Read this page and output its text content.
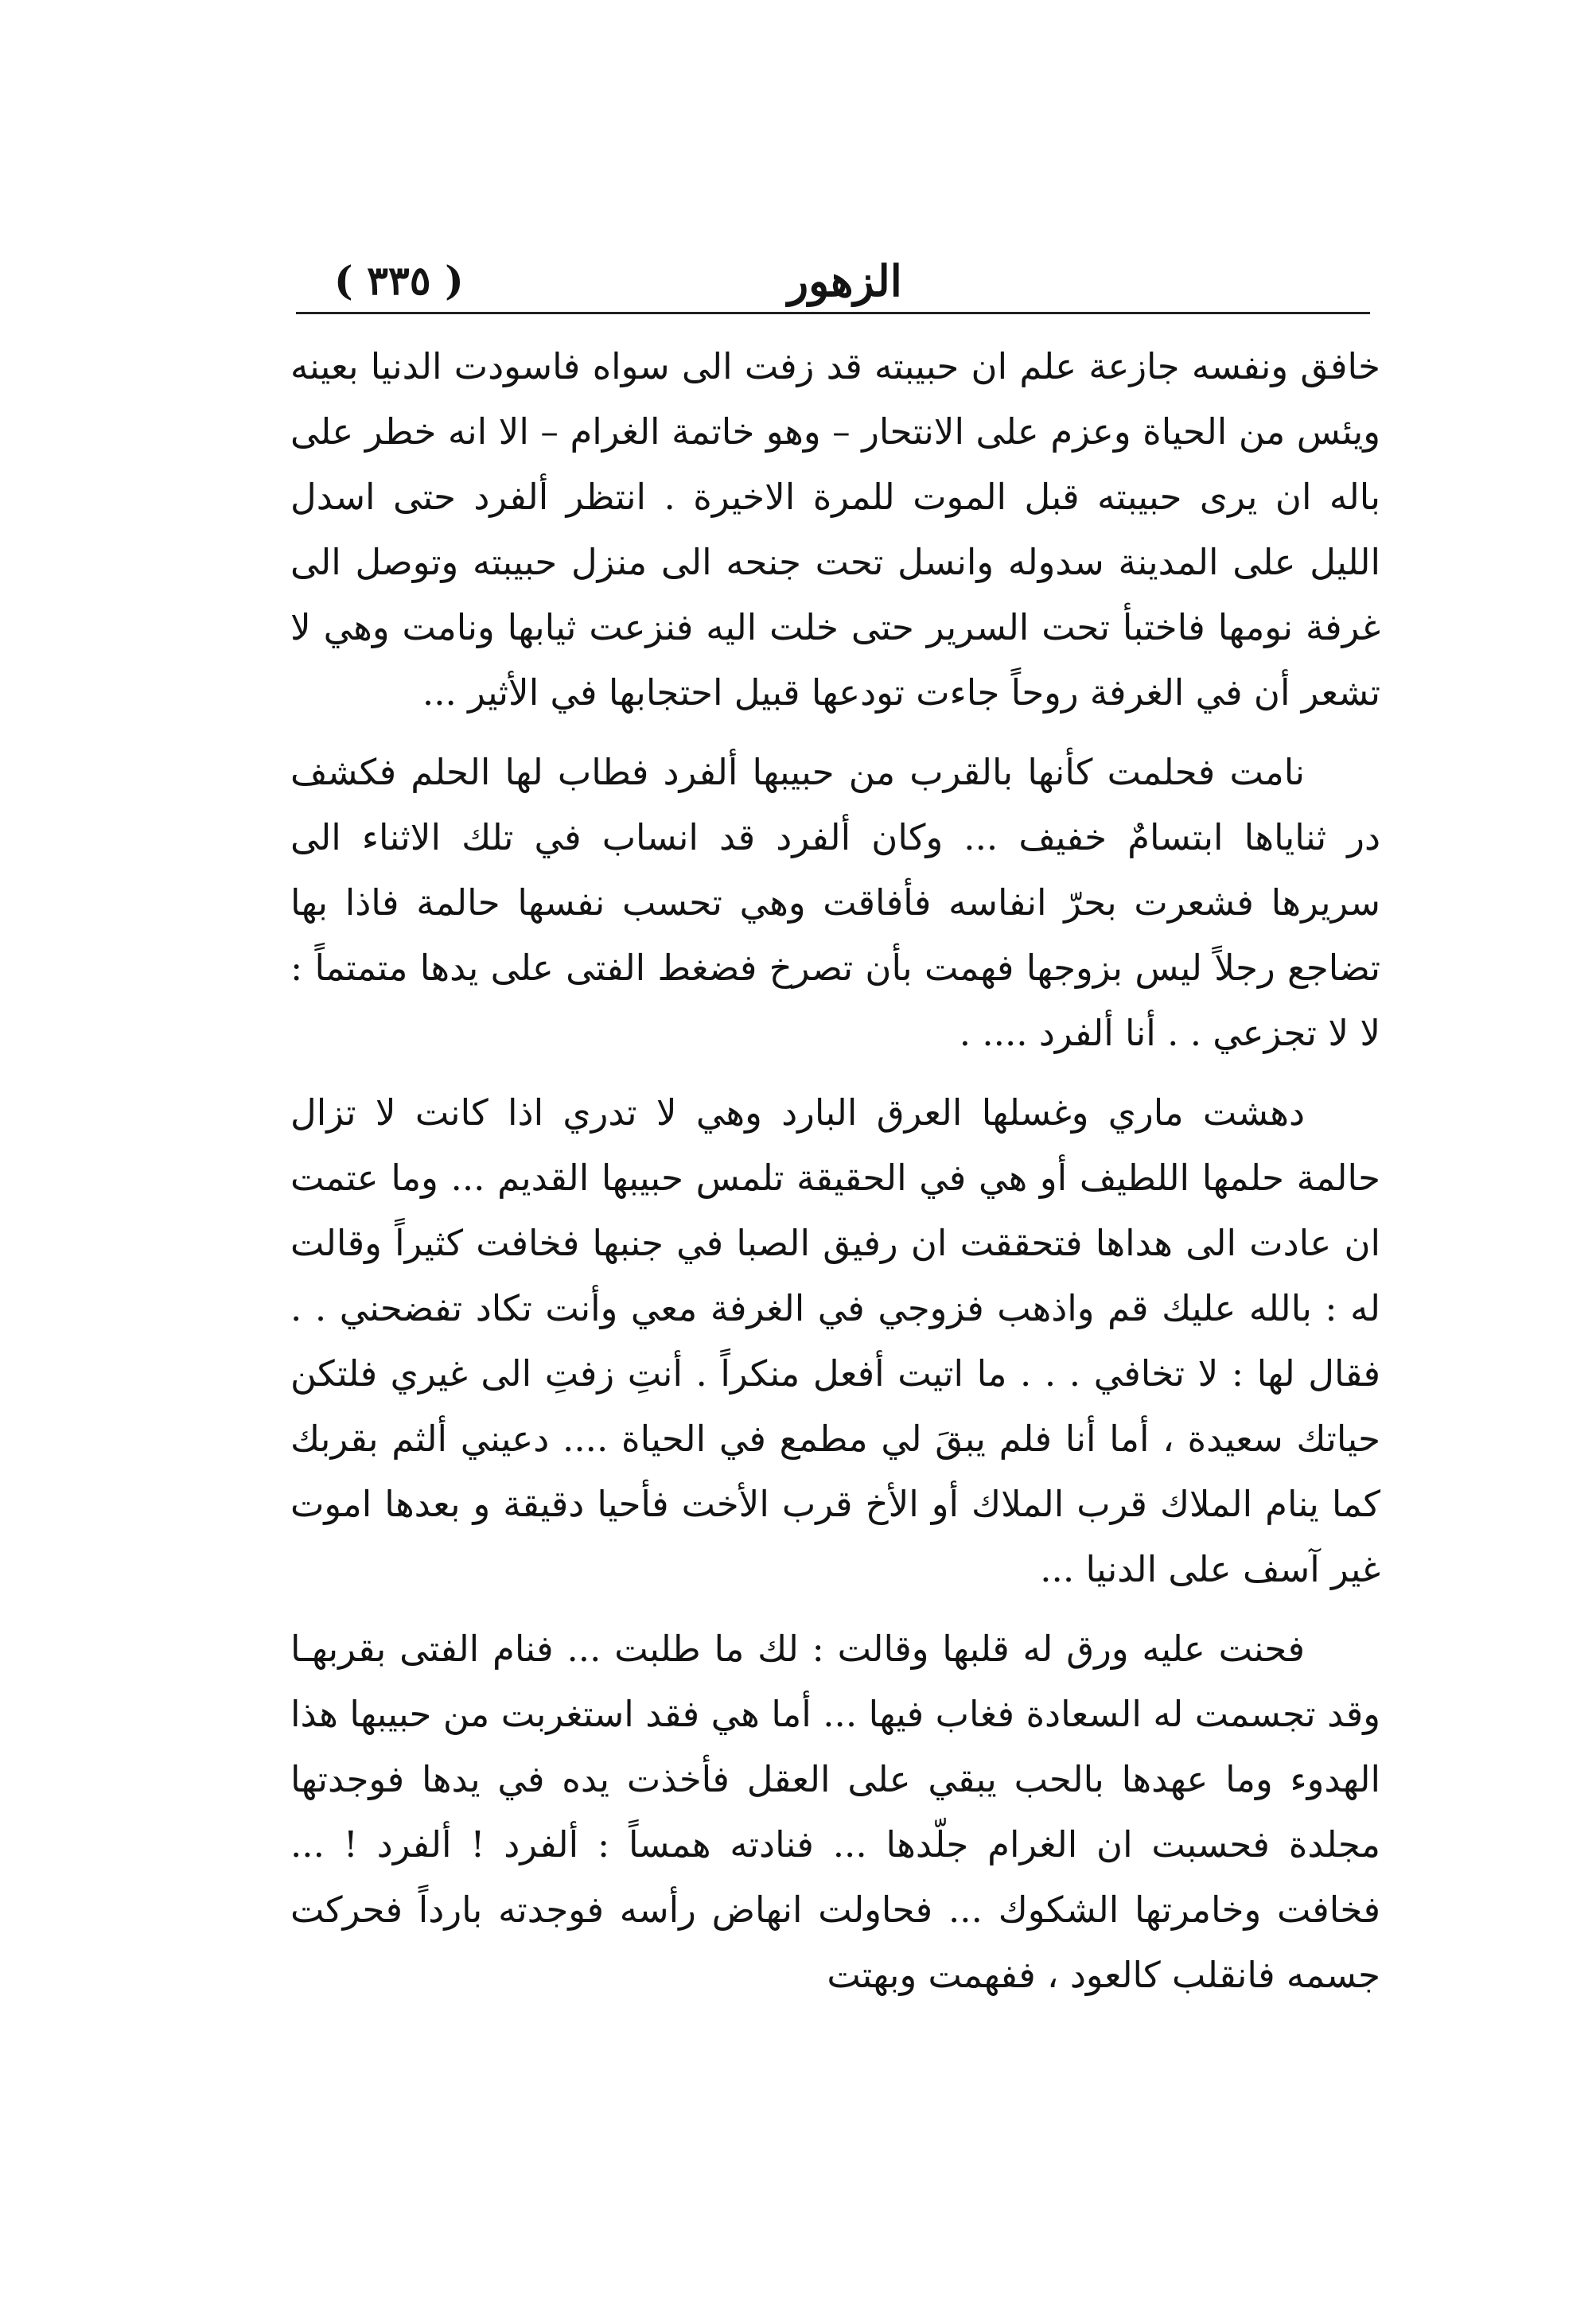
( ٣٣٥ )	الزهور

خافق ونفسه جازعة علم ان حبيبته قد زفت الى سواه فاسودت الدنيا بعينه ويئس من الحياة وعزم على الانتحار – وهو خاتمة الغرام – الا انه خطر على باله ان يرى حبيبته قبل الموت للمرة الاخيرة . انتظر ألفرد حتى اسدل الليل على المدينة سدوله وانسل تحت جنحه الى منزل حبيبته وتوصل الى غرفة نومها فاختبأ تحت السرير حتى خلت اليه فنزعت ثيابها ونامت وهي لا تشعر أن في الغرفة روحاً جاءت تودعها قبيل احتجابها في الأثير ...

نامت فحلمت كأنها بالقرب من حبيبها ألفرد فطاب لها الحلم فكشف در ثناياها ابتسامٌ خفيف ... وكان ألفرد قد انساب في تلك الاثناء الى سريرها فشعرت بحرّ انفاسه فأفاقت وهي تحسب نفسها حالمة فاذا بها تضاجع رجلاً ليس بزوجها فهمت بأن تصرخ فضغط الفتى على يدها متمتماً : لا لا تجزعي . . أنا ألفرد .... .

دهشت ماري وغسلها العرق البارد وهي لا تدري اذا كانت لا تزال حالمة حلمها اللطيف أو هي في الحقيقة تلمس حبيبها القديم ... وما عتمت ان عادت الى هداها فتحققت ان رفيق الصبا في جنبها فخافت كثيراً وقالت له : بالله عليك قم واذهب فزوجي في الغرفة معي وأنت تكاد تفضحني . . فقال لها : لا تخافي . . . ما اتيت أفعل منكراً . أنتِ زفتِ الى غيري فلتكن حياتك سعيدة ، أما أنا فلم يبقَ لي مطمع في الحياة .... دعيني ألثم بقربك كما ينام الملاك قرب الملاك أو الأخ قرب الأخت فأحيا دقيقة و بعدها اموت غير آسف على الدنيا ...

فحنت عليه ورق له قلبها وقالت : لك ما طلبت ... فنام الفتى بقربهـا وقد تجسمت له السعادة فغاب فيها ... أما هي فقد استغربت من حبيبها هذا الهدوء وما عهدها بالحب يبقي على العقل فأخذت يده في يدها فوجدتها مجلدة فحسبت ان الغرام جلّدها ... فنادته همساً : ألفرد ! ألفرد ! ... فخافت وخامرتها الشكوك ... فحاولت انهاض رأسه فوجدته بارداً فحركت جسمه فانقلب كالعود ، ففهمت وبهتت
